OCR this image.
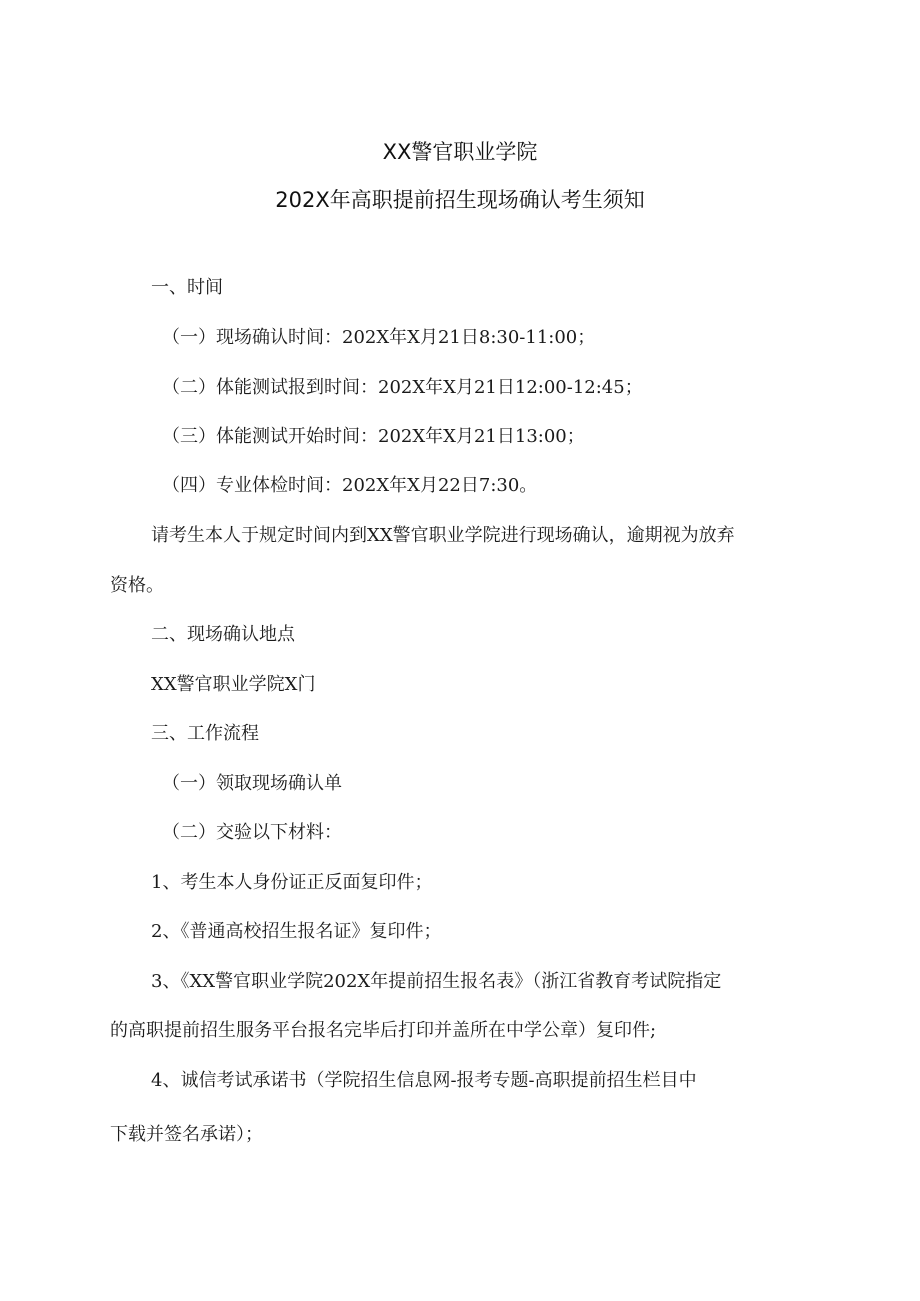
XX警官职业学院
202X年高职提前招生现场确认考生须知
一、时间
（一）现场确认时间：202X年X月21日8:30-11:00；
（二）体能测试报到时间：202X年X月21日12:00-12:45；
（三）体能测试开始时间：202X年X月21日13:00；
（四）专业体检时间：202X年X月22日7:30。
请考生本人于规定时间内到XX警官职业学院进行现场确认，逾期视为放弃
资格。
二、现场确认地点
XX警官职业学院X门
三、工作流程
（一）领取现场确认单
（二）交验以下材料：
1、考生本人身份证正反面复印件；
2、《普通高校招生报名证》复印件；
3、《XX警官职业学院202X年提前招生报名表》（浙江省教育考试院指定
的高职提前招生服务平台报名完毕后打印并盖所在中学公章）复印件;
4、诚信考试承诺书（学院招生信息网-报考专题-高职提前招生栏目中
下载并签名承诺）；
